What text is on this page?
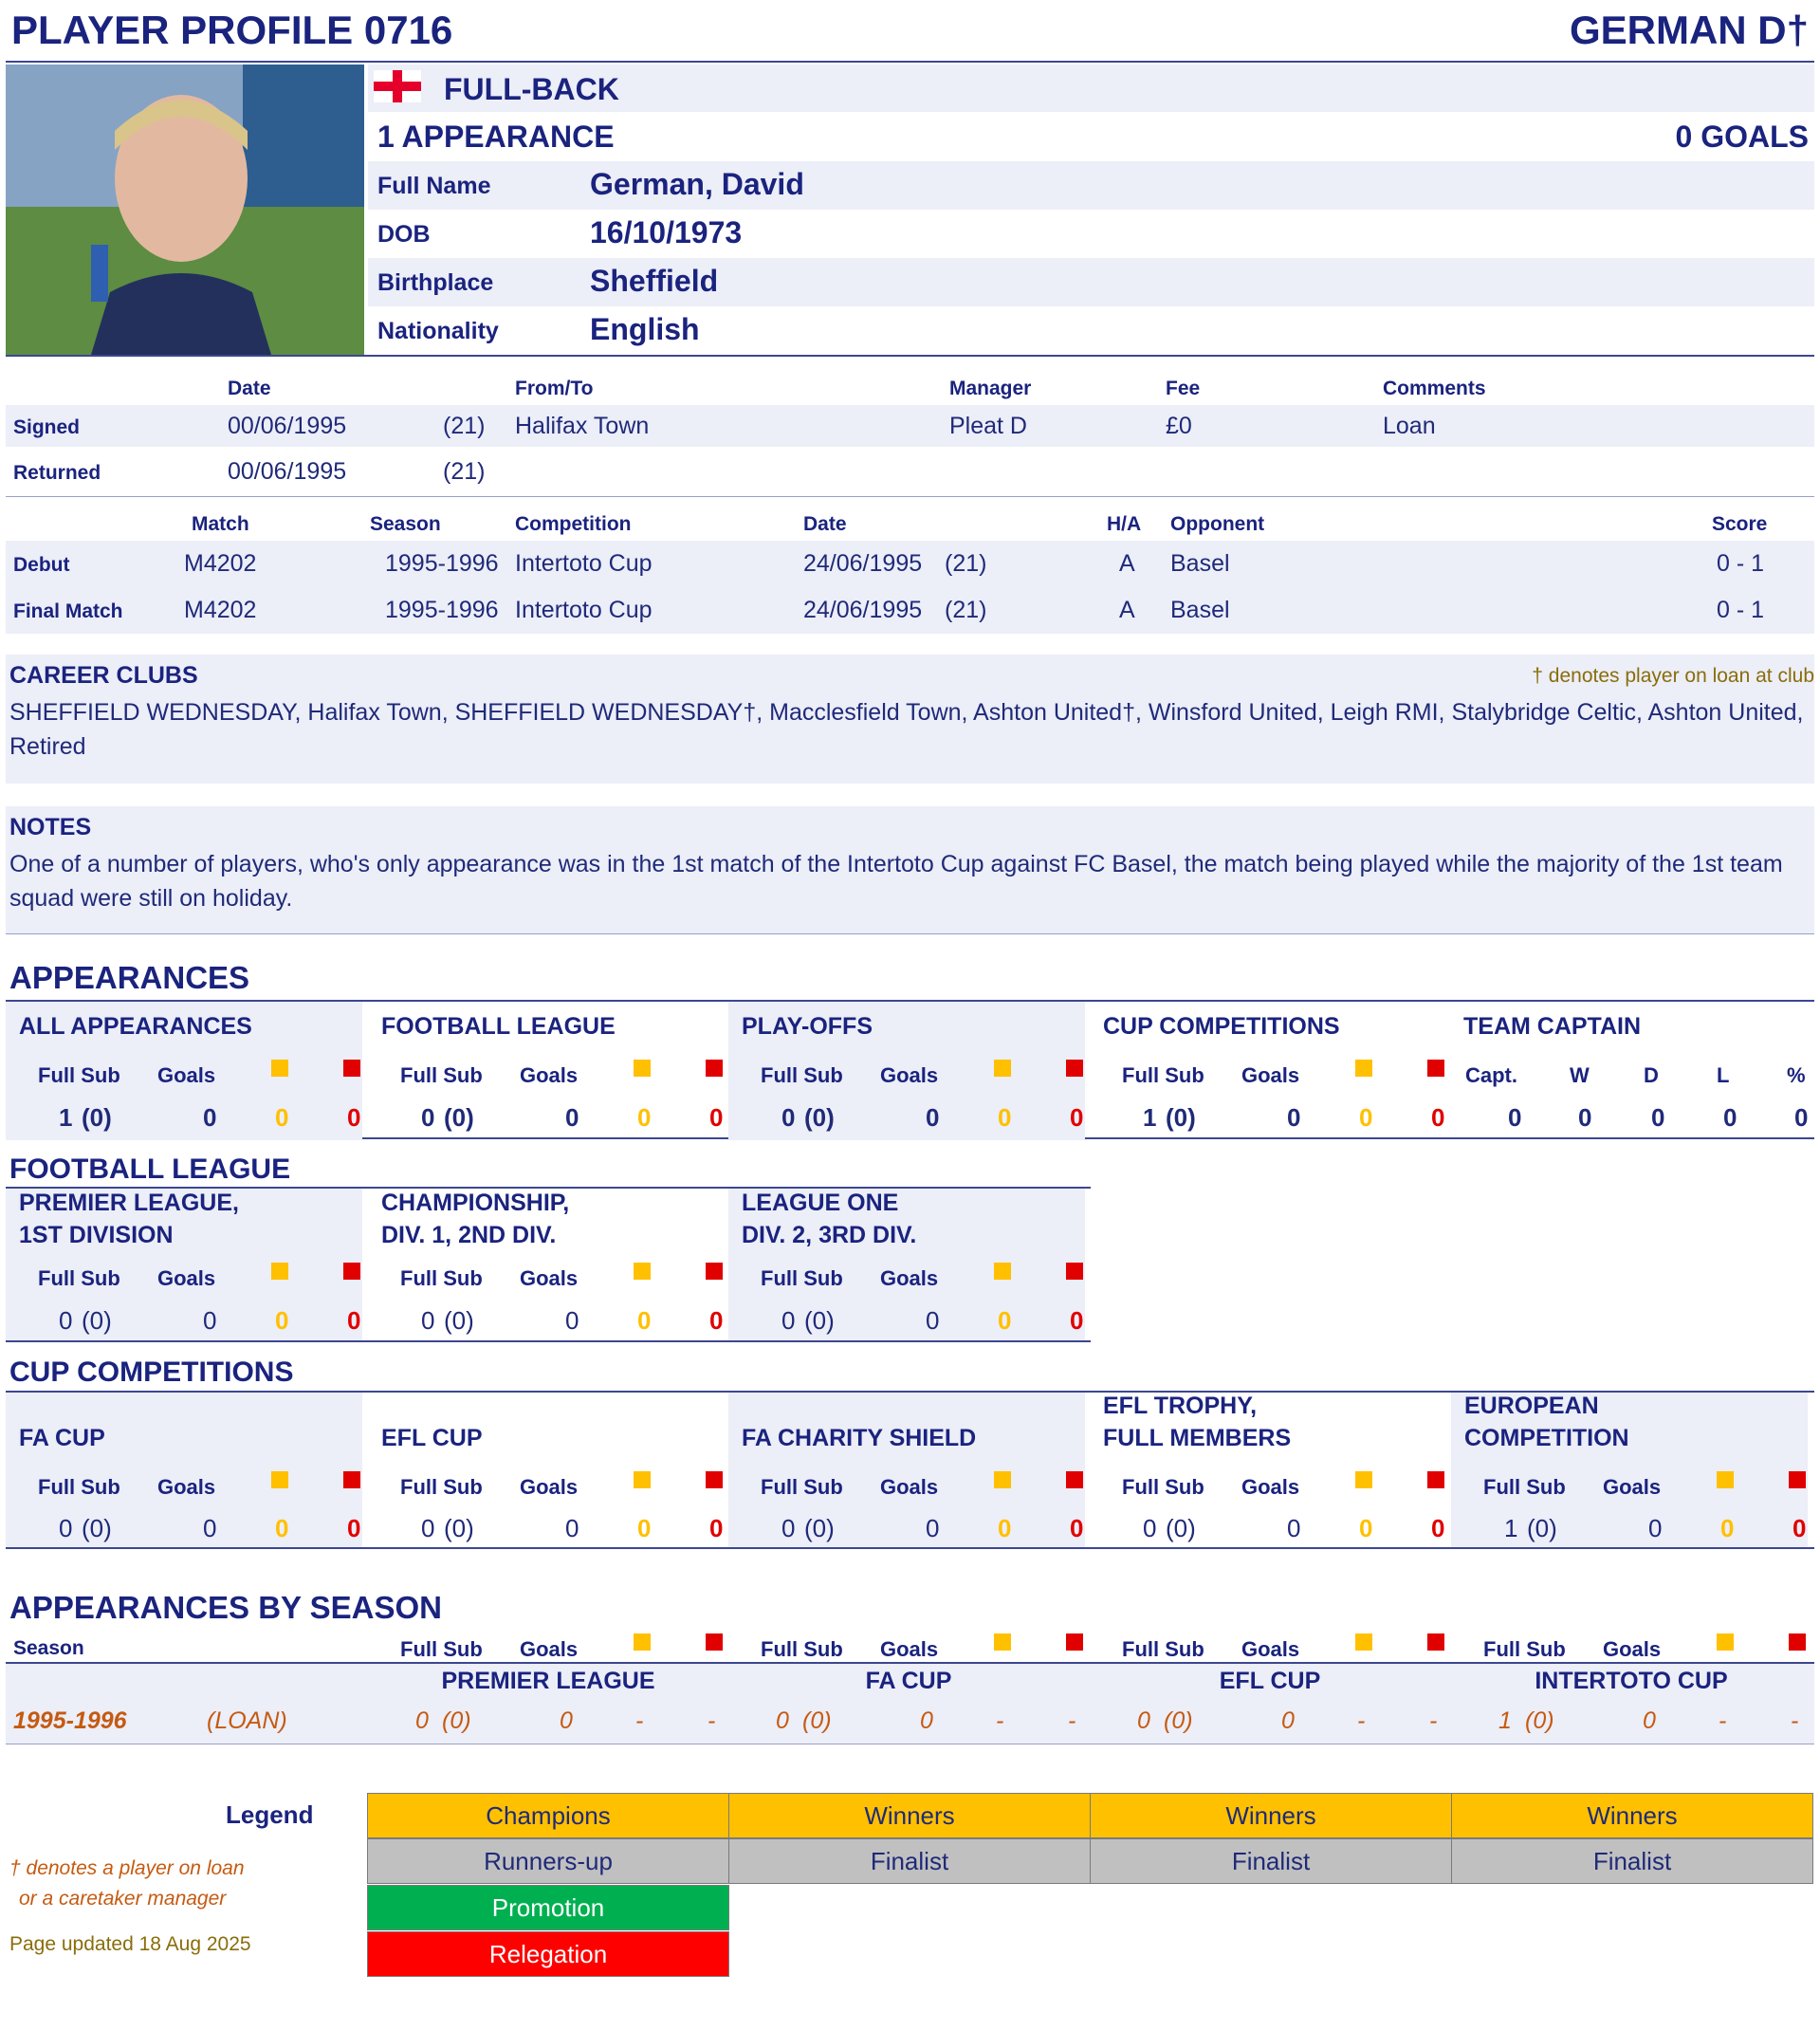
PLAYER PROFILE 0716	GERMAN D†
FULL-BACK
1 APPEARANCE	0 GOALS
CAREER CLUBS	† denotes player on loan at club
SHEFFIELD WEDNESDAY, Halifax Town, SHEFFIELD WEDNESDAY†, Macclesfield Town, Ashton United†, Winsford United, Leigh RMI, Stalybridge Celtic, Ashton United, Retired
NOTES
One of a number of players, who's only appearance was in the 1st match of the Intertoto Cup against FC Basel, the match being played while the majority of the 1st team squad were still on holiday.
APPEARANCES
FOOTBALL LEAGUE
CUP COMPETITIONS
APPEARANCES BY SEASON
Legend
† denotes a player on loan
or a caretaker manager
Page updated 18 Aug 2025
Full Name	German, David
DOB	16/10/1973
Birthplace	Sheffield
Nationality	English
Date	From/To	Manager	Fee	Comments
Signed	00/06/1995	(21) Halifax Town	Pleat D	£0	Loan
Returned	00/06/1995	(21)
Match	Season	Competition	Date	H/A Opponent	Score
Debut	M4202	1995-1996 Intertoto Cup	24/06/1995 (21)	A Basel	0 - 1
Final Match	M4202	1995-1996 Intertoto Cup	24/06/1995 (21)	A Basel	0 - 1
ALL APPEARANCES
Full Sub Goals
1 (0)	0 0 0
FOOTBALL LEAGUE
Full Sub Goals
0 (0)	0 0 0
PLAY-OFFS
Full Sub Goals
0 (0)	0 0 0
CUP COMPETITIONS
Full Sub Goals
1 (0)	0 0 0
TEAM CAPTAIN
Capt.	W	D	L	%
0 0 0 0 0
PREMIER LEAGUE,
1ST DIVISION
Full Sub Goals
0 (0)	0 0 0
CHAMPIONSHIP,
DIV. 1, 2ND DIV.
Full Sub Goals
0 (0)	0 0 0
LEAGUE ONE
DIV. 2, 3RD DIV.
Full Sub Goals
0 (0)	0 0 0
FA CUP
Full Sub Goals
0 (0)	0 0 0
EFL CUP
Full Sub Goals
0 (0)	0 0 0
FA CHARITY SHIELD
Full Sub Goals
0 (0)	0 0 0
EFL TROPHY,
FULL MEMBERS
Full Sub Goals
0 (0)	0 0 0
EUROPEAN
COMPETITION
Full Sub Goals
1 (0)	0 0 0
Season	Full Sub Goals	Full Sub Goals	Full Sub Goals	Full Sub Goals
PREMIER LEAGUE	FA CUP	EFL CUP	INTERTOTO CUP
1995-1996	(LOAN)	0 (0)	0	-	-	0 (0)	0	-	-	0 (0)	0	-	-	1 (0)	0	-	-
Champions	Winners	Winners	Winners
Runners-up	Finalist	Finalist	Finalist
Promotion
Relegation
